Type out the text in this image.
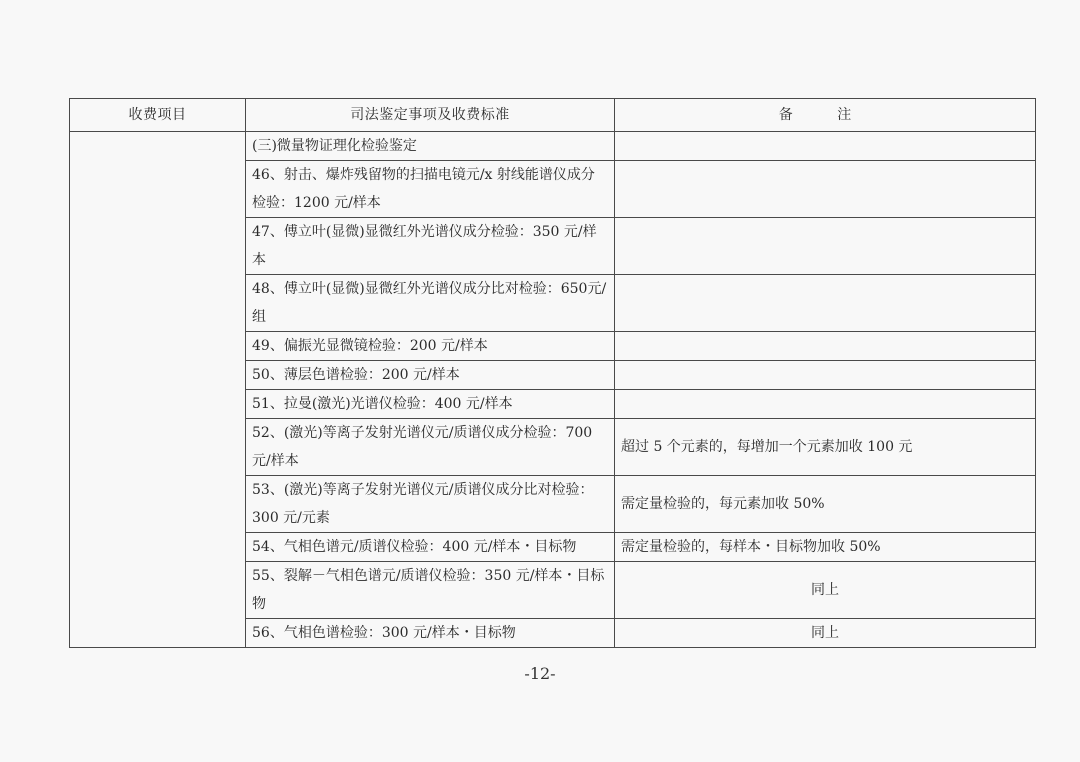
收费项目	司法鉴定事项及收费标准	备 注
	(三)微量物证理化检验鉴定	
	46、射击、爆炸残留物的扫描电镜元/x 射线能谱仪成分检验：1200 元/样本	
	47、傅立叶(显微)显微红外光谱仪成分检验：350 元/样本	
	48、傅立叶(显微)显微红外光谱仪成分比对检验：650元/组	
	49、偏振光显微镜检验：200 元/样本	
	50、薄层色谱检验：200 元/样本	
	51、拉曼(激光)光谱仪检验：400 元/样本	
	52、(激光)等离子发射光谱仪元/质谱仪成分检验：700元/样本	超过 5 个元素的，每增加一个元素加收 100 元
	53、(激光)等离子发射光谱仪元/质谱仪成分比对检验：300 元/元素	需定量检验的，每元素加收 50%
	54、气相色谱元/质谱仪检验：400 元/样本・目标物	需定量检验的，每样本・目标物加收 50%
	55、裂解－气相色谱元/质谱仪检验：350 元/样本・目标物	同上
	56、气相色谱检验：300 元/样本・目标物	同上
-12-
